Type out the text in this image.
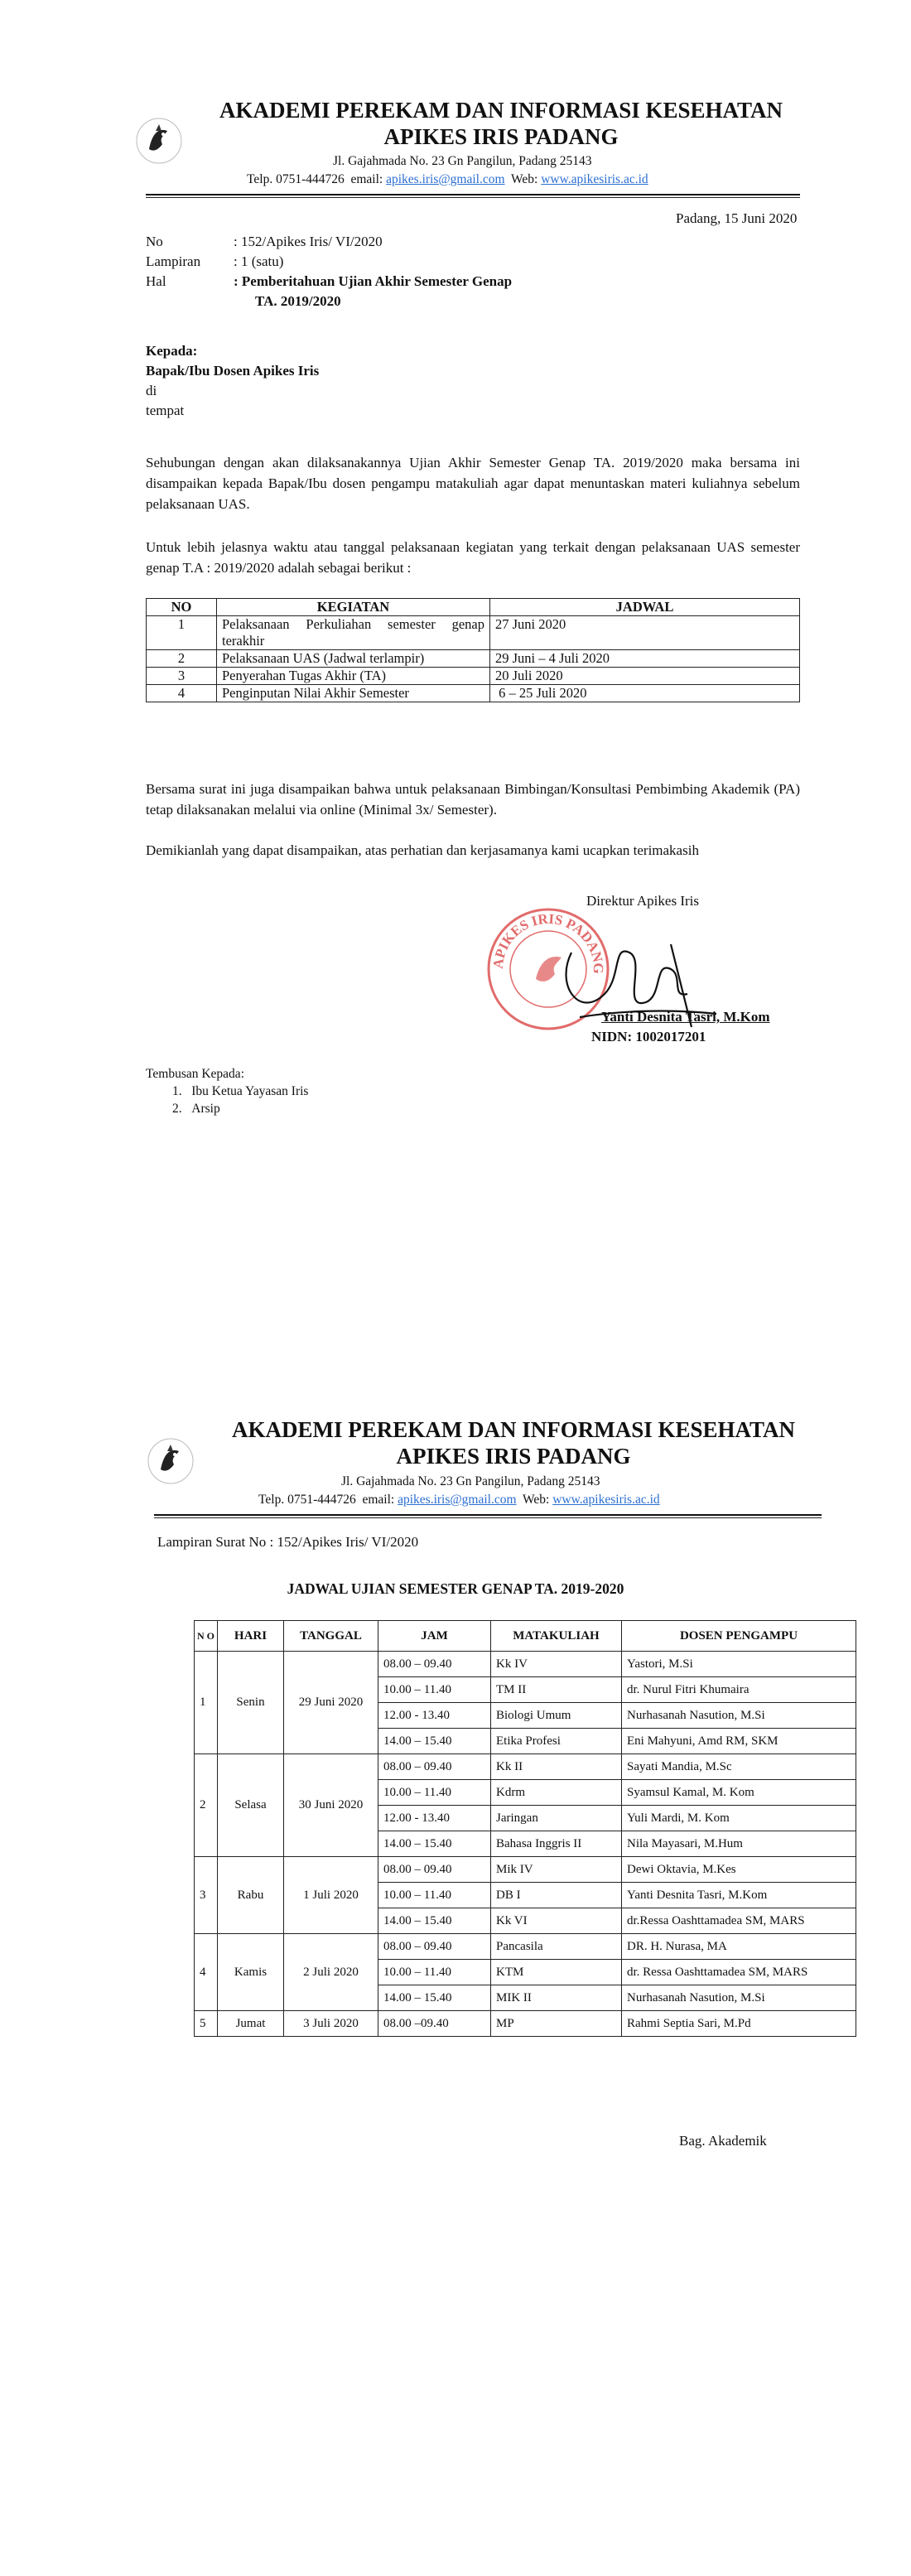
AKADEMI PEREKAM DAN INFORMASI KESEHATAN
APIKES IRIS PADANG
Jl. Gajahmada No. 23 Gn Pangilun, Padang 25143
Telp. 0751-444726 email: apikes.iris@gmail.com Web: www.apikesiris.ac.id
Padang, 15 Juni 2020
No	: 152/Apikes Iris/ VI/2020
Lampiran : 1 (satu)
Hal	: Pemberitahuan Ujian Akhir Semester Genap
TA. 2019/2020
Kepada:
Bapak/Ibu Dosen Apikes Iris
di
tempat
Sehubungan dengan akan dilaksanakannya Ujian Akhir Semester Genap TA. 2019/2020 maka bersama ini disampaikan kepada Bapak/Ibu dosen pengampu matakuliah agar dapat menuntaskan materi kuliahnya sebelum pelaksanaan UAS.
Untuk lebih jelasnya waktu atau tanggal pelaksanaan kegiatan yang terkait dengan pelaksanaan UAS semester genap T.A : 2019/2020 adalah sebagai berikut :
NO	KEGIATAN	JADWAL
1	Pelaksanaan Perkuliahan semester genap terakhir	27 Juni 2020
2	Pelaksanaan UAS (Jadwal terlampir)	29 Juni – 4 Juli 2020
3	Penyerahan Tugas Akhir (TA)	20 Juli 2020
4	Penginputan Nilai Akhir Semester	6 – 25 Juli 2020
Bersama surat ini juga disampaikan bahwa untuk pelaksanaan Bimbingan/Konsultasi Pembimbing Akademik (PA) tetap dilaksanakan melalui via online (Minimal 3x/ Semester).
Demikianlah yang dapat disampaikan, atas perhatian dan kerjasamanya kami ucapkan terimakasih
Direktur Apikes Iris
APIKES IRIS PADANG
Yanti Desnita Tasri, M.Kom
NIDN: 1002017201
Tembusan Kepada:
1.   Ibu Ketua Yayasan Iris
2.   Arsip
AKADEMI PEREKAM DAN INFORMASI KESEHATAN
APIKES IRIS PADANG
Jl. Gajahmada No. 23 Gn Pangilun, Padang 25143
Telp. 0751-444726 email: apikes.iris@gmail.com Web: www.apikesiris.ac.id
Lampiran Surat No : 152/Apikes Iris/ VI/2020
JADWAL UJIAN SEMESTER GENAP TA. 2019-2020
N O	HARI	TANGGAL	JAM	MATAKULIAH	DOSEN PENGAMPU
1	Senin	29 Juni 2020	08.00 – 09.40	Kk IV	Yastori, M.Si
			10.00 – 11.40	TM II	dr. Nurul Fitri Khumaira
			12.00 - 13.40	Biologi Umum	Nurhasanah Nasution, M.Si
			14.00 – 15.40	Etika Profesi	Eni Mahyuni, Amd RM, SKM
2	Selasa	30 Juni 2020	08.00 – 09.40	Kk II	Sayati Mandia, M.Sc
			10.00 – 11.40	Kdrm	Syamsul Kamal, M. Kom
			12.00 - 13.40	Jaringan	Yuli Mardi, M. Kom
			14.00 – 15.40	Bahasa Inggris II	Nila Mayasari, M.Hum
3	Rabu	1 Juli 2020	08.00 – 09.40	Mik IV	Dewi Oktavia, M.Kes
			10.00 – 11.40	DB I	Yanti Desnita Tasri, M.Kom
			14.00 – 15.40	Kk VI	dr.Ressa Oashttamadea SM, MARS
4	Kamis	2 Juli 2020	08.00 – 09.40	Pancasila	DR. H. Nurasa, MA
			10.00 – 11.40	KTM	dr. Ressa Oashttamadea SM, MARS
			14.00 – 15.40	MIK II	Nurhasanah Nasution, M.Si
5	Jumat	3 Juli 2020	08.00 –09.40	MP	Rahmi Septia Sari, M.Pd
Bag. Akademik
